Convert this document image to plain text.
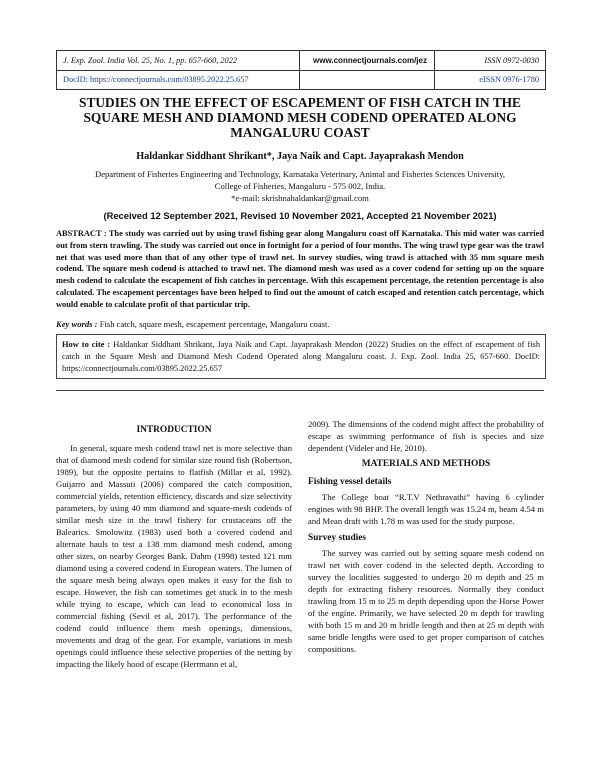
J. Exp. Zool. India Vol. 25, No. 1, pp. 657-660, 2022
DocID: https://connectjournals.com/03895.2022.25.657
www.connectjournals.com/jez	ISSN 0972-0030
eISSN 0976-1780
STUDIES ON THE EFFECT OF ESCAPEMENT OF FISH CATCH IN THE SQUARE MESH AND DIAMOND MESH CODEND OPERATED ALONG MANGALURU COAST
Haldankar Siddhant Shrikant*, Jaya Naik and Capt. Jayaprakash Mendon
Department of Fisheries Engineering and Technology, Karnataka Veterinary, Animal and Fisheries Sciences University,
College of Fisheries, Mangaluru - 575 002, India.
*e-mail: skrishnahaldankar@gmail.com
(Received 12 September 2021, Revised 10 November 2021, Accepted 21 November 2021)
ABSTRACT : The study was carried out by using trawl fishing gear along Mangaluru coast off Karnataka. This mid water was carried out from stern trawling. The study was carried out once in fortnight for a period of four months. The wing trawl type gear was the trawl net that was used more than that of any other type of trawl net. In survey studies, wing trawl is attached with 35 mm square mesh codend. The square mesh codend is attached to trawl net. The diamond mesh was used as a cover codend for setting up on the square mesh codend to calculate the escapement of fish catches in percentage. With this escapement percentage, the retention percentage is also calculated. The escapement percentages have been helped to find out the amount of catch escaped and retention catch percentage, which would enable to calculate profit of that particular trip.
Key words : Fish catch, square mesh, escapement percentage, Mangaluru coast.
How to cite : Haldankar Siddhant Shrikant, Jaya Naik and Capt. Jayaprakash Mendon (2022) Studies on the effect of escapement of fish catch in the Square Mesh and Diamond Mesh Codend Operated along Mangaluru coast. J. Exp. Zool. India 25, 657-660. DocID: https://connectjournals.com/03895.2022.25.657
INTRODUCTION

In general, square mesh codend trawl net is more selective than that of diamond mesh codend for similar size round fish (Robertson, 1989), but the opposite pertains to flatfish (Millar et al, 1992). Guijarro and Massuti (2006) compared the catch composition, commercial yields, retention efficiency, discards and size selectivity parameters, by using 40 mm diamond and square-mesh codends of similar mesh size in the trawl fishery for crustaceans off the Balearics. Smolowitz (1983) used both a covered codend and alternate hauls to test a 138 mm diamond mesh codend, among other sizes, on nearby Georges Bank. Dahm (1998) tested 121 mm diamond using a covered codend in European waters. The lumen of the square mesh being always open makes it easy for the fish to escape. However, the fish can sometimes get stuck in to the mesh while trying to escape, which can lead to economical loss in commercial fishing (Sevil et al, 2017). The performance of the codend could influence them mesh openings, dimensions, movements and drag of the gear. For example, variations in mesh openings could influence these selective properties of the netting by impacting the likely hood of escape (Herrmann et al,

2009). The dimensions of the codend might affect the probability of escape as swimming performance of fish is species and size dependent (Videler and He, 2010).

MATERIALS AND METHODS
Fishing vessel details

The College boat “R.T.V Nethravathi” having 6 cylinder engines with 98 BHP. The overall length was 15.24 m, beam 4.54 m and Mean draft with 1.78 m was used for the study purpose.

Survey studies

The survey was carried out by setting square mesh codend on trawl net with cover codend in the selected depth. According to survey the localities suggested to undergo 20 m depth and 25 m depth for extracting fishery resources. Normally they conduct trawling from 15 m to 25 m depth depending upon the Horse Power of the engine. Primarily, we have selected 20 m depth for trawling with both 15 m and 20 m bridle length and then at 25 m depth with same bridle lengths were used to get proper comparison of catches compositions.
